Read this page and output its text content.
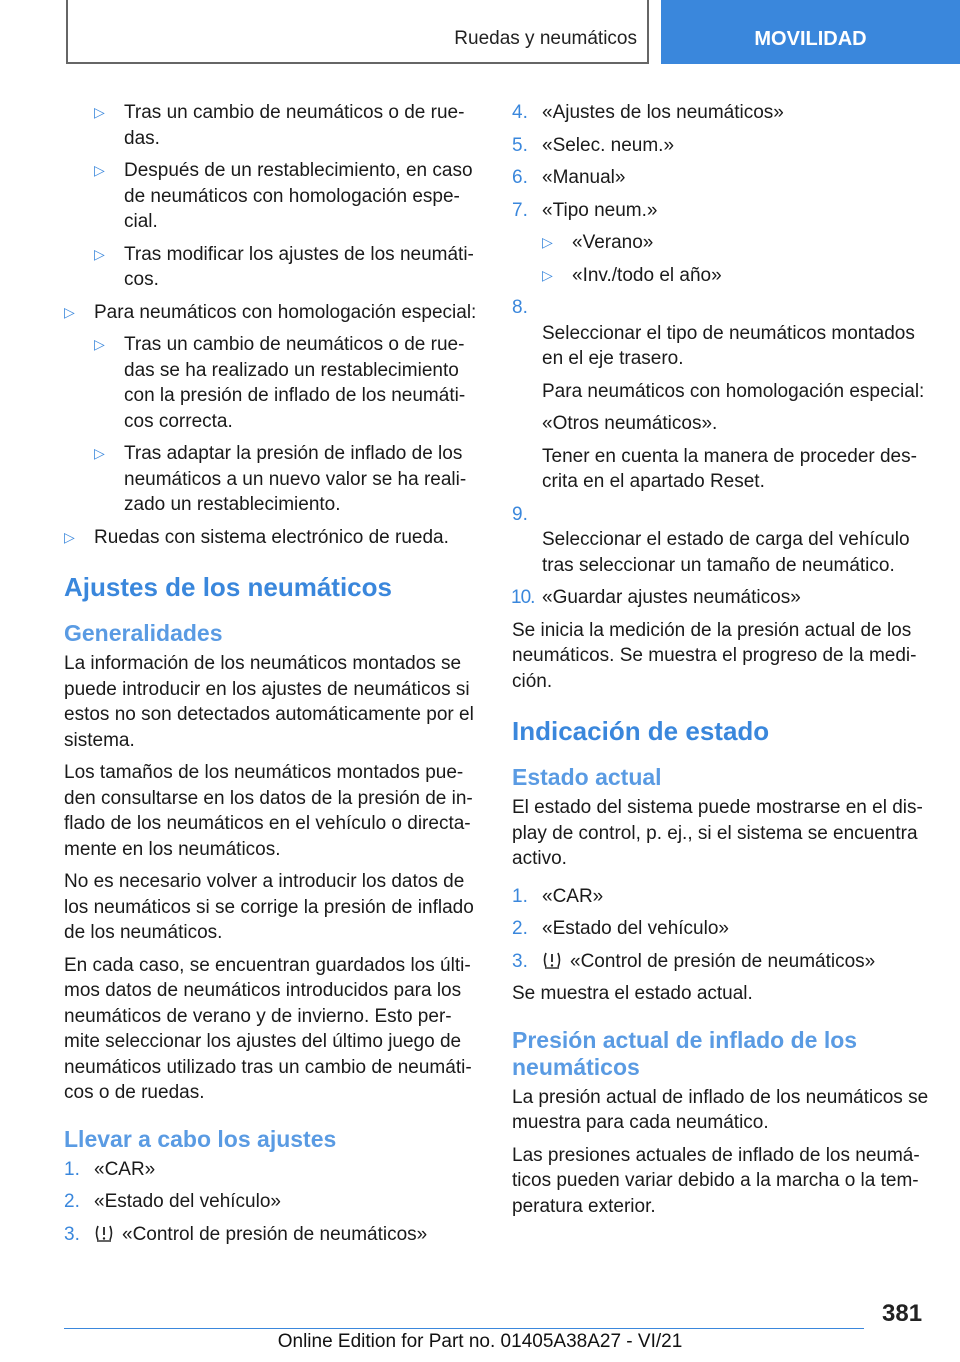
Ruedas y neumáticos	MOVILIDAD
▷	Tras un cambio de neumáticos o de rue-
das.
▷	Después de un restablecimiento, en caso
de neumáticos con homologación espe-
cial.
▷	Tras modificar los ajustes de los neumáti-
cos.
▷	Para neumáticos con homologación especial:
▷	Tras un cambio de neumáticos o de rue-
das se ha realizado un restablecimiento
con la presión de inflado de los neumáti-
cos correcta.
▷	Tras adaptar la presión de inflado de los
neumáticos a un nuevo valor se ha reali-
zado un restablecimiento.
▷	Ruedas con sistema electrónico de rueda.
Ajustes de los neumáticos
Generalidades
La información de los neumáticos montados se puede introducir en los ajustes de neumáticos si estos no son detectados automáticamente por el sistema.
Los tamaños de los neumáticos montados pue-
den consultarse en los datos de la presión de in-
flado de los neumáticos en el vehículo o directa-
mente en los neumáticos.
No es necesario volver a introducir los datos de los neumáticos si se corrige la presión de inflado de los neumáticos.
En cada caso, se encuentran guardados los últi-
mos datos de neumáticos introducidos para los
neumáticos de verano y de invierno. Esto per-
mite seleccionar los ajustes del último juego de
neumáticos utilizado tras un cambio de neumáti-
cos o de ruedas.
Llevar a cabo los ajustes
1. «CAR»
2. «Estado del vehículo»
3. «Control de presión de neumáticos»
4. «Ajustes de los neumáticos»
5. «Selec. neum.»
6. «Manual»
7. «Tipo neum.»
▷	«Verano»
▷	«Inv./todo el año»

8.
Seleccionar el tipo de neumáticos montados
en el eje trasero.

Para neumáticos con homologación especial:
«Otros neumáticos».
Tener en cuenta la manera de proceder des-
crita en el apartado Reset.

9.
Seleccionar el estado de carga del vehículo
tras seleccionar un tamaño de neumático.

10. «Guardar ajustes neumáticos»
Se inicia la medición de la presión actual de los
neumáticos. Se muestra el progreso de la medi-
ción.
Indicación de estado
Estado actual
El estado del sistema puede mostrarse en el dis-
play de control, p. ej., si el sistema se encuentra
activo.
1. «CAR»
2. «Estado del vehículo»
3. «Control de presión de neumáticos»
Se muestra el estado actual.
Presión actual de inflado de los
neumáticos
La presión actual de inflado de los neumáticos se
muestra para cada neumático.
Las presiones actuales de inflado de los neumá-
ticos pueden variar debido a la marcha o la tem-
peratura exterior.
381
Online Edition for Part no. 01405A38A27 - VI/21
